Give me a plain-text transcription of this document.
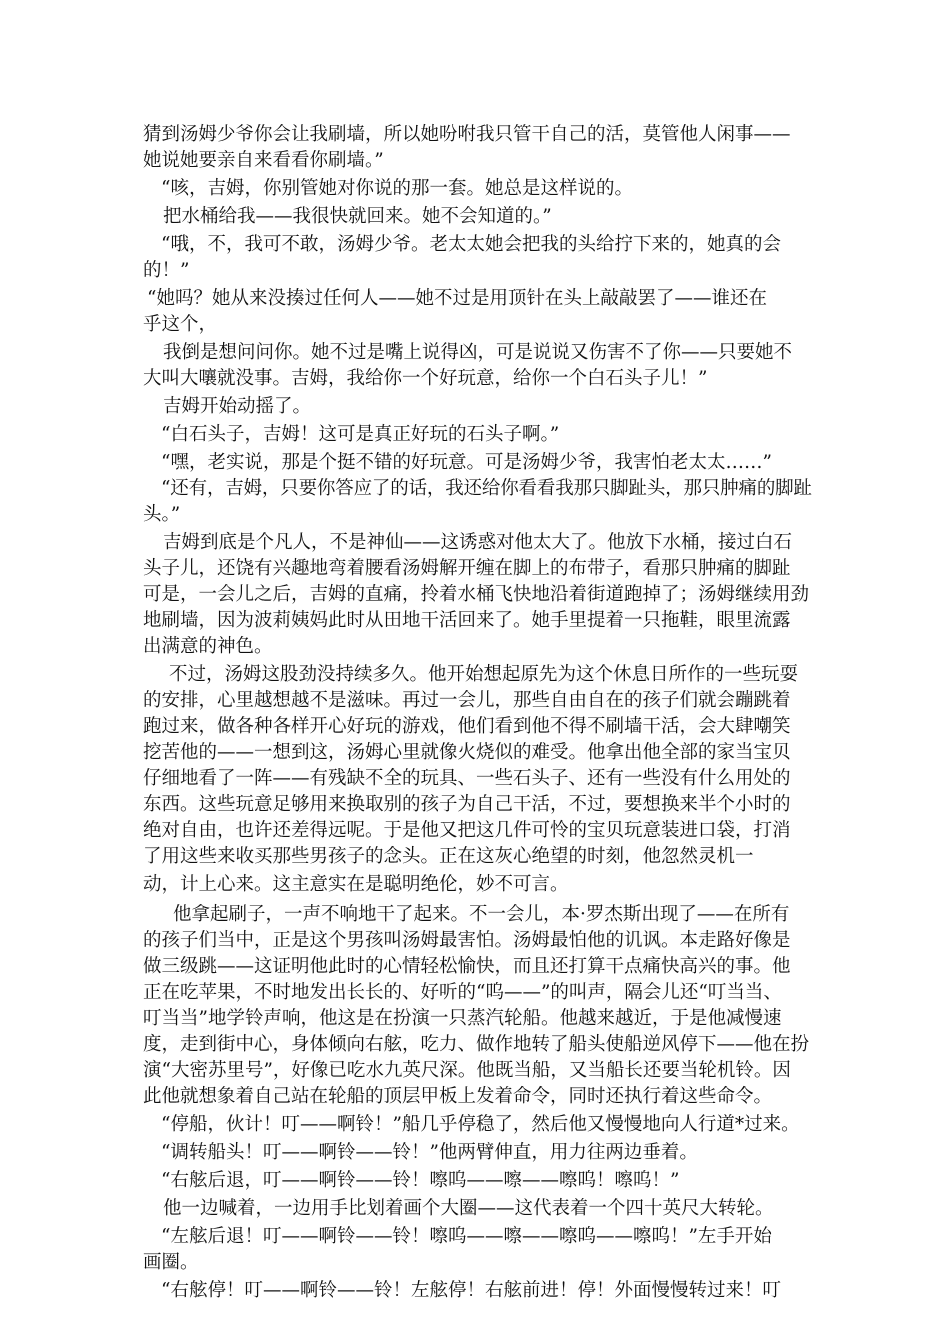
猜到汤姆少爷你会让我刷墙，所以她吩咐我只管干自己的活，莫管他人闲事——
她说她要亲自来看看你刷墙。”
“咳，吉姆，你别管她对你说的那一套。她总是这样说的。
把水桶给我——我很快就回来。她不会知道的。”
“哦，不，我可不敢，汤姆少爷。老太太她会把我的头给拧下来的，她真的会
的！”
“她吗？她从来没揍过任何人——她不过是用顶针在头上敲敲罢了——谁还在
乎这个，
我倒是想问问你。她不过是嘴上说得凶，可是说说又伤害不了你——只要她不
大叫大嚷就没事。吉姆，我给你一个好玩意，给你一个白石头子儿！”
吉姆开始动摇了。
“白石头子，吉姆！这可是真正好玩的石头子啊。”
“嘿，老实说，那是个挺不错的好玩意。可是汤姆少爷，我害怕老太太……”
“还有，吉姆，只要你答应了的话，我还给你看看我那只脚趾头，那只肿痛的脚趾
头。”
吉姆到底是个凡人，不是神仙——这诱惑对他太大了。他放下水桶，接过白石
头子儿，还饶有兴趣地弯着腰看汤姆解开缠在脚上的布带子，看那只肿痛的脚趾
可是，一会儿之后，吉姆的直痛，拎着水桶飞快地沿着街道跑掉了；汤姆继续用劲
地刷墙，因为波莉姨妈此时从田地干活回来了。她手里提着一只拖鞋，眼里流露
出满意的神色。
不过，汤姆这股劲没持续多久。他开始想起原先为这个休息日所作的一些玩耍
的安排，心里越想越不是滋味。再过一会儿，那些自由自在的孩子们就会蹦跳着
跑过来，做各种各样开心好玩的游戏，他们看到他不得不刷墙干活，会大肆嘲笑
挖苦他的——一想到这，汤姆心里就像火烧似的难受。他拿出他全部的家当宝贝
仔细地看了一阵——有残缺不全的玩具、一些石头子、还有一些没有什么用处的
东西。这些玩意足够用来换取别的孩子为自己干活，不过，要想换来半个小时的
绝对自由，也许还差得远呢。于是他又把这几件可怜的宝贝玩意装进口袋，打消
了用这些来收买那些男孩子的念头。正在这灰心绝望的时刻，他忽然灵机一
动，计上心来。这主意实在是聪明绝伦，妙不可言。
他拿起刷子，一声不响地干了起来。不一会儿，本·罗杰斯出现了——在所有
的孩子们当中，正是这个男孩叫汤姆最害怕。汤姆最怕他的讥讽。本走路好像是
做三级跳——这证明他此时的心情轻松愉快，而且还打算干点痛快高兴的事。他
正在吃苹果，不时地发出长长的、好听的“呜——”的叫声，隔会儿还“叮当当、
叮当当”地学铃声响，他这是在扮演一只蒸汽轮船。他越来越近，于是他减慢速
度，走到街中心，身体倾向右舷，吃力、做作地转了船头使船逆风停下——他在扮
演“大密苏里号”，好像已吃水九英尺深。他既当船，又当船长还要当轮机铃。因
此他就想象着自己站在轮船的顶层甲板上发着命令，同时还执行着这些命令。
“停船，伙计！叮——啊铃！”船几乎停稳了，然后他又慢慢地向人行道*过来。
“调转船头！叮——啊铃——铃！”他两臂伸直，用力往两边垂着。
“右舷后退，叮——啊铃——铃！嚓呜——嚓——嚓呜！嚓呜！”
他一边喊着，一边用手比划着画个大圈——这代表着一个四十英尺大转轮。
“左舷后退！叮——啊铃——铃！嚓呜——嚓——嚓呜——嚓呜！”左手开始
画圈。
“右舷停！叮——啊铃——铃！左舷停！右舷前进！停！外面慢慢转过来！叮
